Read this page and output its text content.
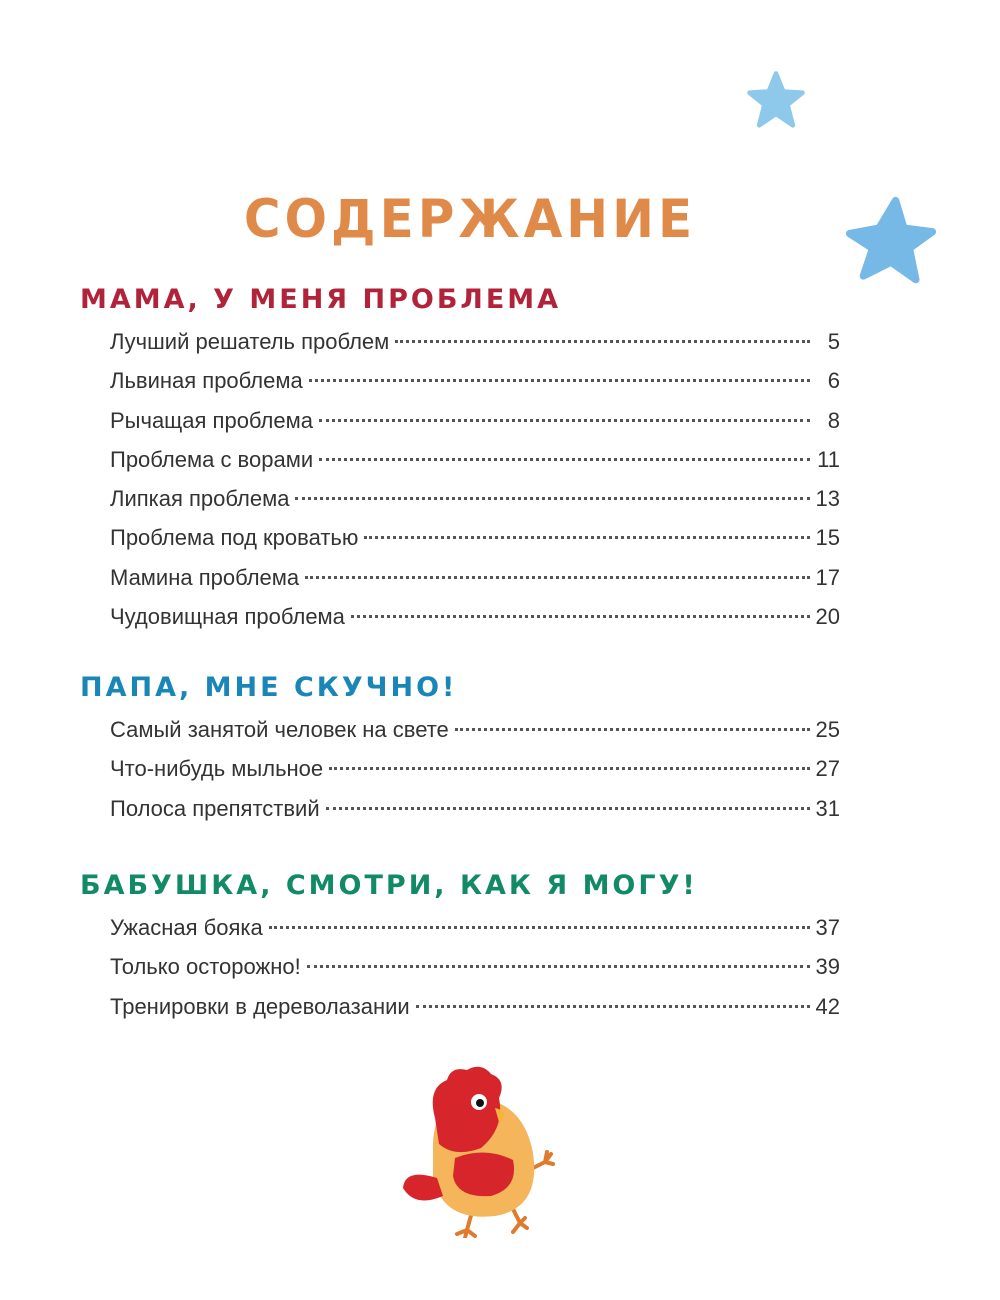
СОДЕРЖАНИЕ
МАМА, У МЕНЯ ПРОБЛЕМА
Лучший решатель проблем	5
Львиная проблема	6
Рычащая проблема	8
Проблема с ворами	11
Липкая проблема	13
Проблема под кроватью	15
Мамина проблема	17
Чудовищная проблема	20
ПАПА, МНЕ СКУЧНО!
Самый занятой человек на свете	25
Что-нибудь мыльное	27
Полоса препятствий	31
БАБУШКА, СМОТРИ, КАК Я МОГУ!
Ужасная бояка	37
Только осторожно!	39
Тренировки в дереволазании	42
